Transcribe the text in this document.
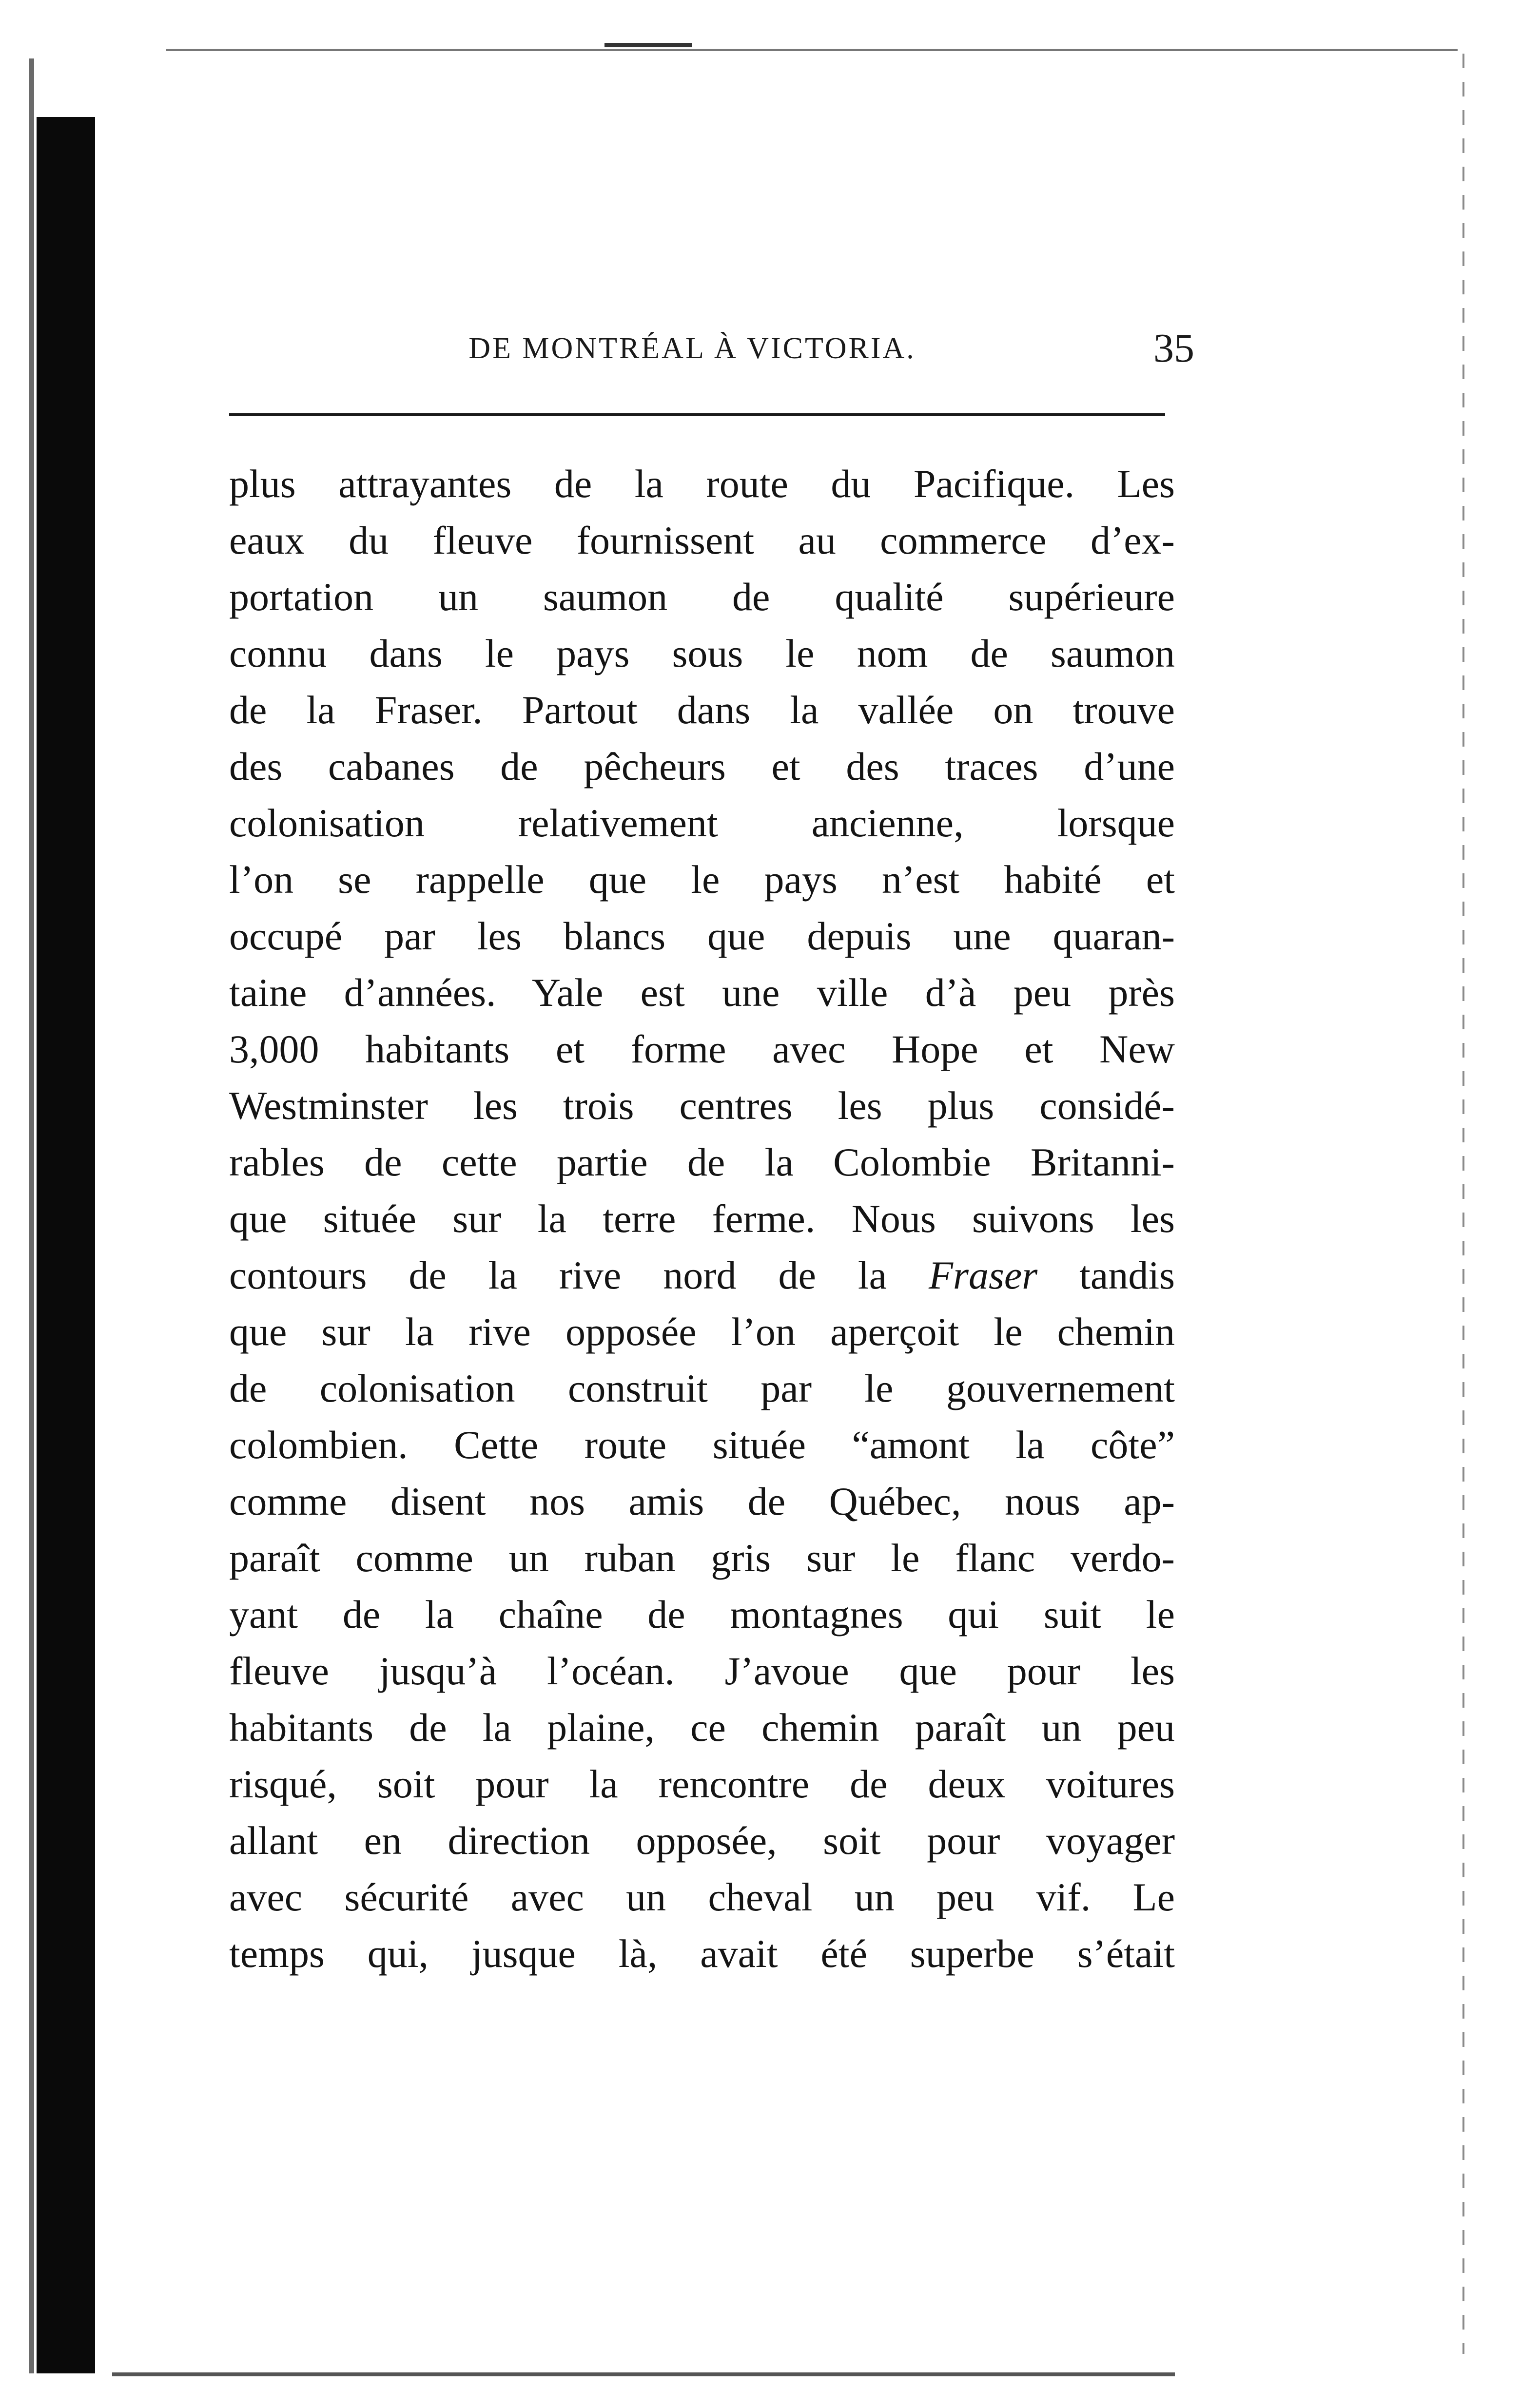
DE MONTRÉAL À VICTORIA.	35
plus attrayantes de la route du Pacifique. Les
eaux du fleuve fournissent au commerce d’ex-
portation un saumon de qualité supérieure
connu dans le pays sous le nom de saumon
de la Fraser. Partout dans la vallée on trouve
des cabanes de pêcheurs et des traces d’une
colonisation relativement ancienne, lorsque
l’on se rappelle que le pays n’est habité et
occupé par les blancs que depuis une quaran-
taine d’années. Yale est une ville d’à peu près
3,000 habitants et forme avec Hope et New
Westminster les trois centres les plus considé-
rables de cette partie de la Colombie Britanni-
que située sur la terre ferme. Nous suivons les
contours de la rive nord de la Fraser tandis
que sur la rive opposée l’on aperçoit le chemin
de colonisation construit par le gouvernement
colombien. Cette route située “amont la côte”
comme disent nos amis de Québec, nous ap-
paraît comme un ruban gris sur le flanc verdo-
yant de la chaîne de montagnes qui suit le
fleuve jusqu’à l’océan. J’avoue que pour les
habitants de la plaine, ce chemin paraît un peu
risqué, soit pour la rencontre de deux voitures
allant en direction opposée, soit pour voyager
avec sécurité avec un cheval un peu vif. Le
temps qui, jusque là, avait été superbe s’était
